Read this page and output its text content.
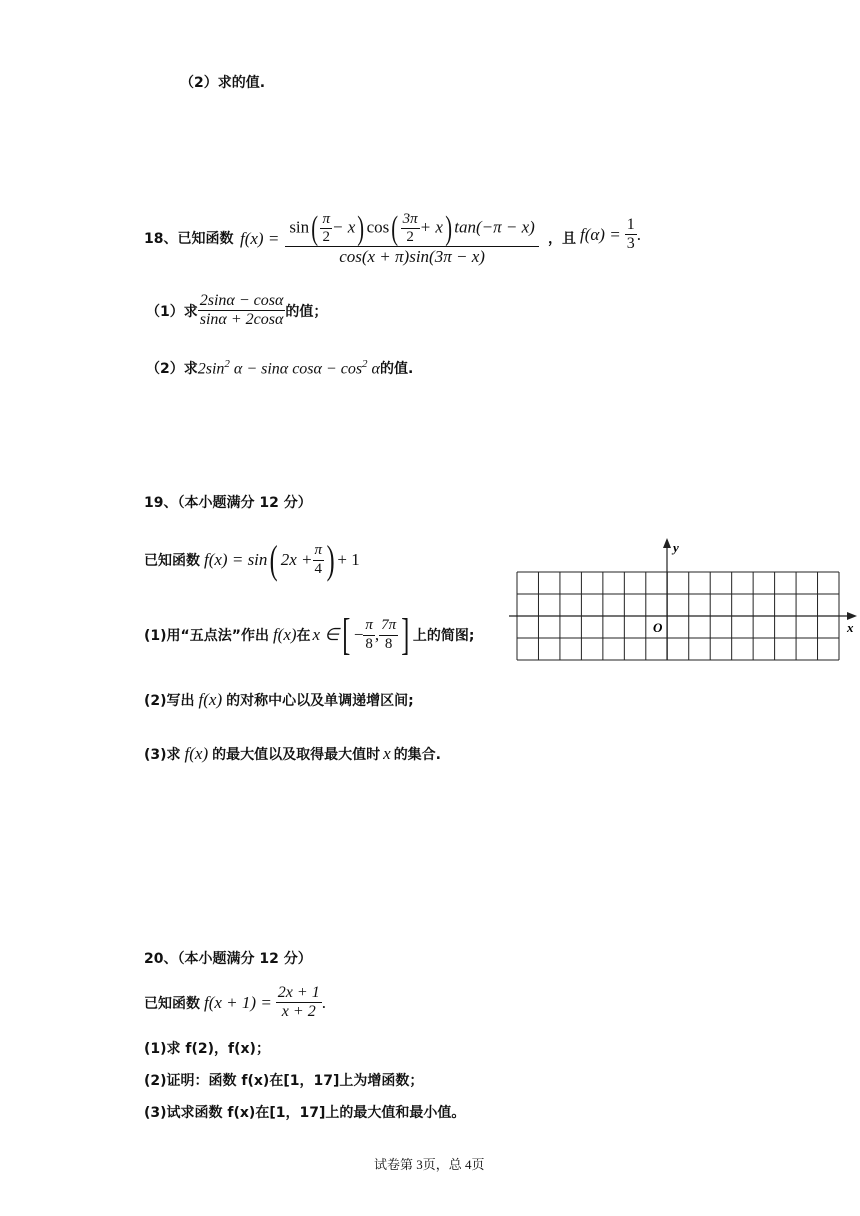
（2）求的值.
18、已知函数 $f(x) = \frac{\sin( \frac{\pi}{2} - x) \cos( \frac{3\pi}{2} + x) \tan(-\pi - x)}{\cos(x + \pi)\sin(3\pi - x)}$ ，且 $f(\alpha) = \frac{1}{3}$ .
（1）求 $\frac{2\sin\alpha - \cos\alpha}{\sin\alpha + 2\cos\alpha}$ 的值；
（2）求 $2\sin^2$ α − sinα $\cos\alpha - \cos^2 \alpha$ 的值.
19、（本小题满分 12 分）
已知函数 f(x) = sin ( $2x + \frac{\pi}{4}$ ) + 1
(1)用“五点法”作出 f(x) 在 x ∈ [ − $\frac{\pi}{8}$ , $\frac{7\pi}{8}$ ] 上的简图;
(2)写出 f(x) 的对称中心以及单调递增区间;
(3)求 f(x) 的最大值以及取得最大值时 x 的集合.
y
x
O
20、（本小题满分 12 分）
已知函数 $f(x + 1) = \frac{2x + 1}{x + 2}$ .
(1)求 f(2)，f(x)；
(2)证明：函数 f(x)在[1，17]上为增函数；
(3)试求函数 f(x)在[1，17]上的最大值和最小值。
试卷第 3页，总 4页
